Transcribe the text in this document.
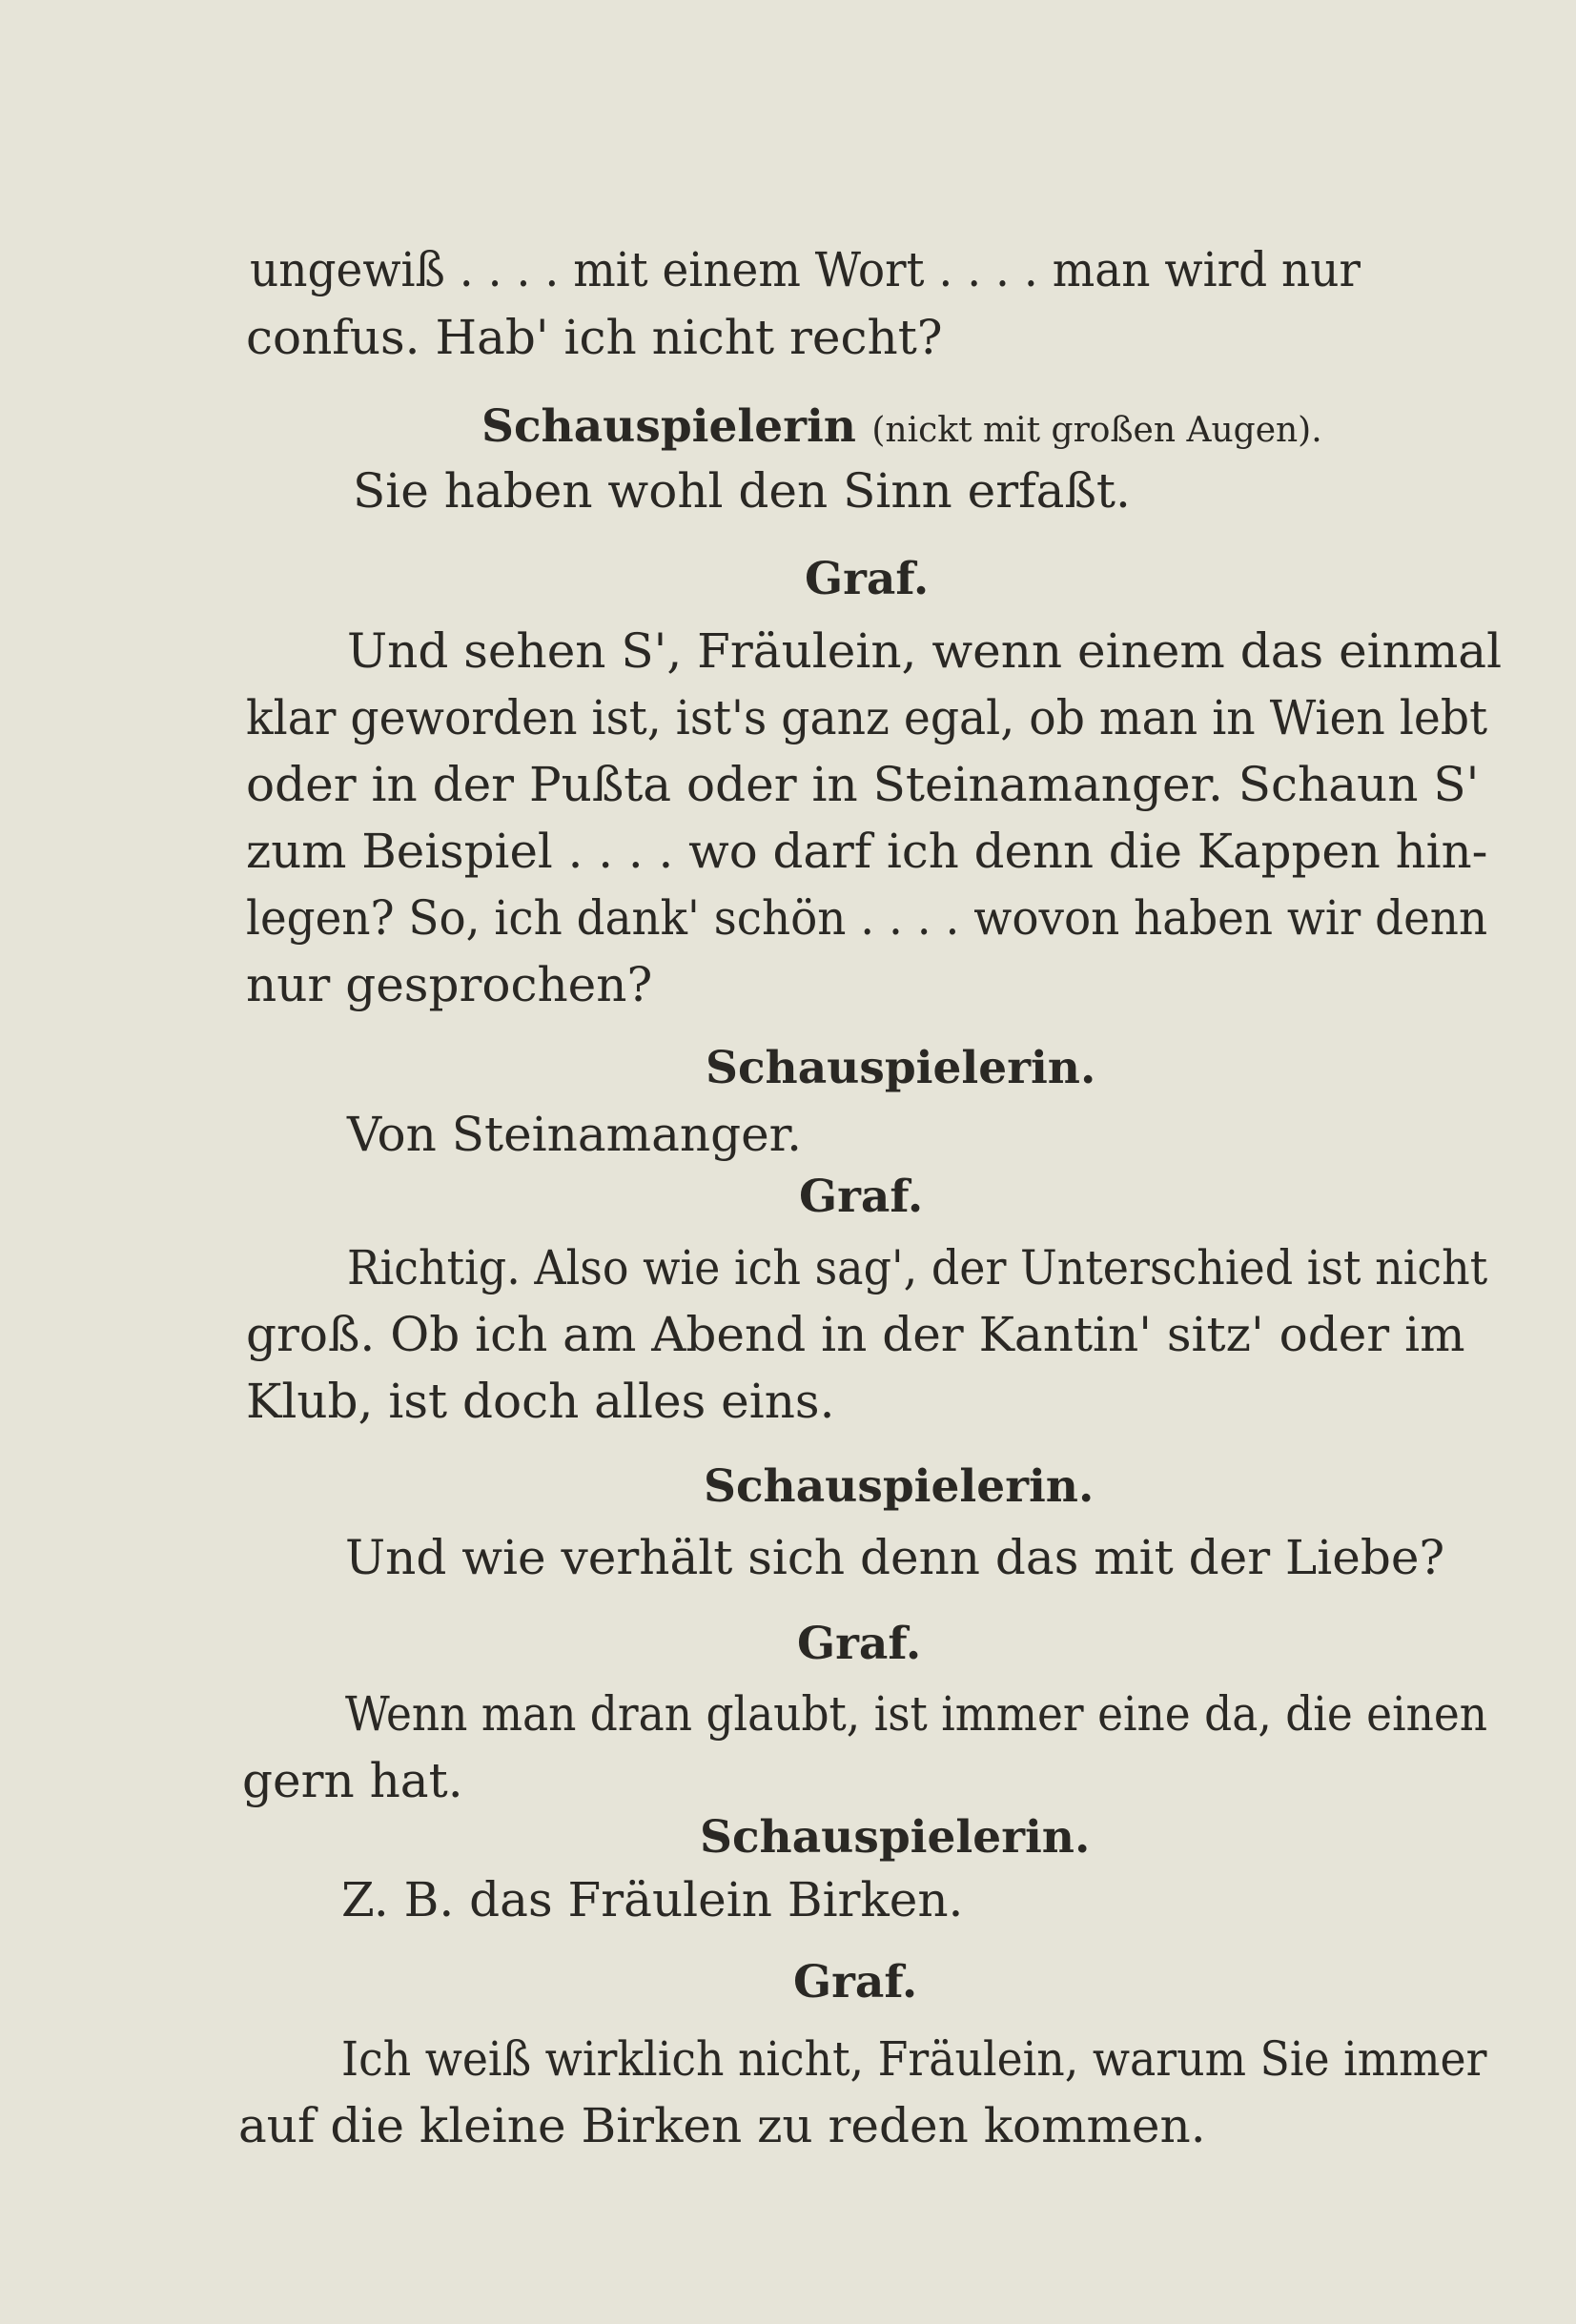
ungewiß . . . . mit einem Wort . . . . man wird nur
confus. Hab' ich nicht recht?
Schauspielerin (nickt mit großen Augen).
Sie haben wohl den Sinn erfaßt.
Graf.
Und sehen S', Fräulein, wenn einem das einmal
klar geworden ist, ist's ganz egal, ob man in Wien lebt
oder in der Pußta oder in Steinamanger. Schaun S'
zum Beispiel . . . . wo darf ich denn die Kappen hin-
legen? So, ich dank' schön . . . . wovon haben wir denn
nur gesprochen?
Schauspielerin.
Von Steinamanger.
Graf.
Richtig. Also wie ich sag', der Unterschied ist nicht
groß. Ob ich am Abend in der Kantin' sitz' oder im
Klub, ist doch alles eins.
Schauspielerin.
Und wie verhält sich denn das mit der Liebe?
Graf.
Wenn man dran glaubt, ist immer eine da, die einen
gern hat.
Schauspielerin.
Z. B. das Fräulein Birken.
Graf.
Ich weiß wirklich nicht, Fräulein, warum Sie immer
auf die kleine Birken zu reden kommen.
